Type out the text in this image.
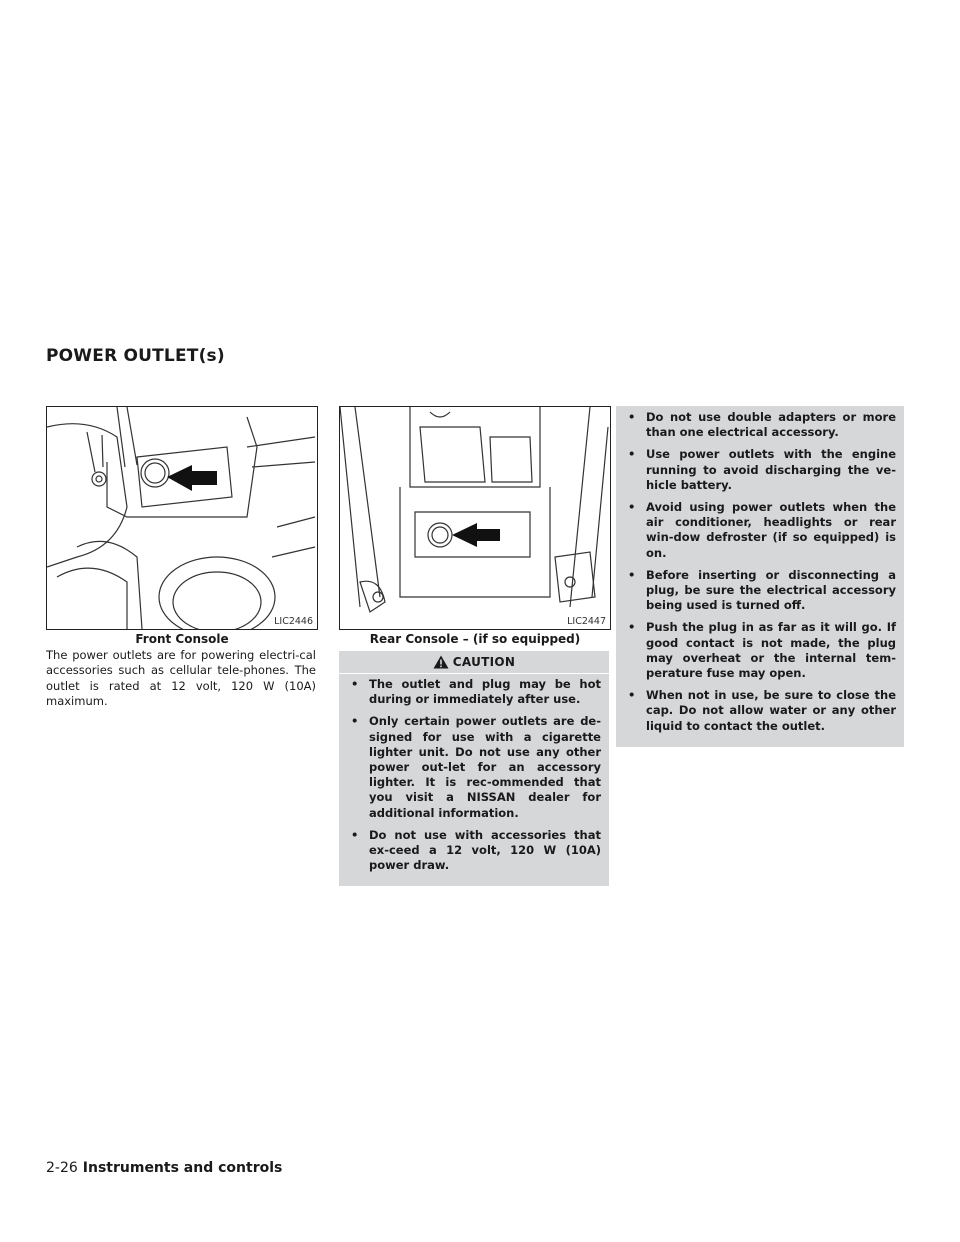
POWER OUTLET(s)
LIC2446
Front Console
LIC2447
Rear Console – (if so equipped)
The power outlets are for powering electri-cal accessories such as cellular tele-phones. The outlet is rated at 12 volt, 120 W (10A) maximum.
CAUTION
• The outlet and plug may be hot during or immediately after use.
• Only certain power outlets are de-signed for use with a cigarette lighter unit. Do not use any other power out-let for an accessory lighter. It is rec-ommended that you visit a NISSAN dealer for additional information.
• Do not use with accessories that ex-ceed a 12 volt, 120 W (10A) power draw.
• Do not use double adapters or more than one electrical accessory.
• Use power outlets with the engine running to avoid discharging the ve-hicle battery.
• Avoid using power outlets when the air conditioner, headlights or rear win-dow defroster (if so equipped) is on.
• Before inserting or disconnecting a plug, be sure the electrical accessory being used is turned off.
• Push the plug in as far as it will go. If good contact is not made, the plug may overheat or the internal tem-perature fuse may open.
• When not in use, be sure to close the cap. Do not allow water or any other liquid to contact the outlet.
2-26 Instruments and controls
